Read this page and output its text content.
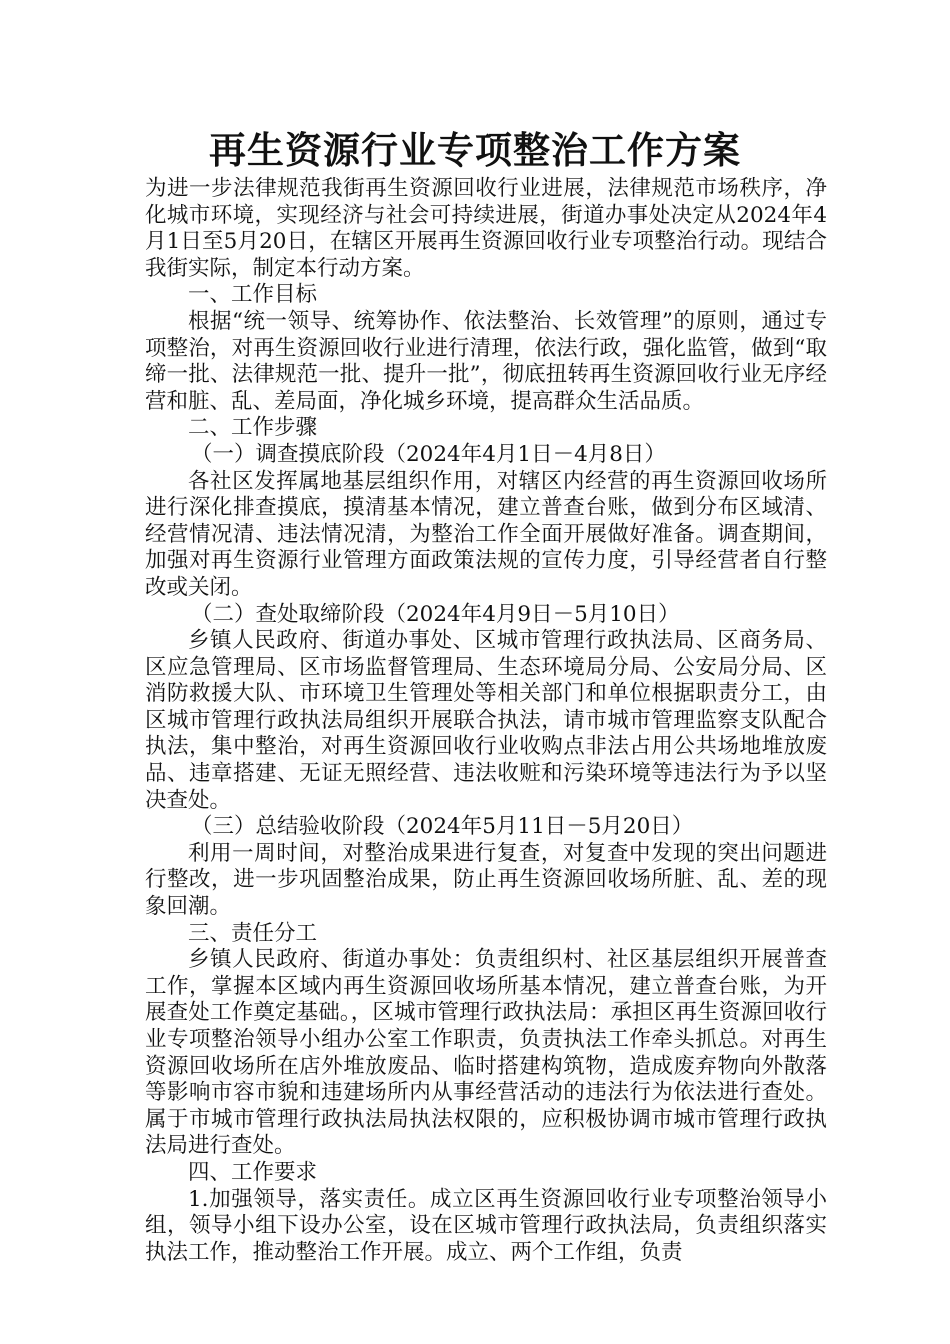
再生资源行业专项整治工作方案

为进一步法律规范我街再生资源回收行业进展，法律规范市场秩序，净化城市环境，实现经济与社会可持续进展，街道办事处决定从2024年4月1日至5月20日，在辖区开展再生资源回收行业专项整治行动。现结合我街实际，制定本行动方案。

一、工作目标

根据“统一领导、统筹协作、依法整治、长效管理”的原则，通过专项整治，对再生资源回收行业进行清理，依法行政，强化监管，做到“取缔一批、法律规范一批、提升一批”，彻底扭转再生资源回收行业无序经营和脏、乱、差局面，净化城乡环境，提高群众生活品质。

二、工作步骤

（一）调查摸底阶段（2024年4月1日－4月8日）

各社区发挥属地基层组织作用，对辖区内经营的再生资源回收场所进行深化排查摸底，摸清基本情况，建立普查台账，做到分布区域清、经营情况清、违法情况清，为整治工作全面开展做好准备。调查期间，加强对再生资源行业管理方面政策法规的宣传力度，引导经营者自行整改或关闭。

（二）查处取缔阶段（2024年4月9日－5月10日）

乡镇人民政府、街道办事处、区城市管理行政执法局、区商务局、区应急管理局、区市场监督管理局、生态环境局分局、公安局分局、区消防救援大队、市环境卫生管理处等相关部门和单位根据职责分工，由区城市管理行政执法局组织开展联合执法，请市城市管理监察支队配合执法，集中整治，对再生资源回收行业收购点非法占用公共场地堆放废品、违章搭建、无证无照经营、违法收赃和污染环境等违法行为予以坚决查处。

（三）总结验收阶段（2024年5月11日－5月20日）

利用一周时间，对整治成果进行复查，对复查中发现的突出问题进行整改，进一步巩固整治成果，防止再生资源回收场所脏、乱、差的现象回潮。

三、责任分工

乡镇人民政府、街道办事处：负责组织村、社区基层组织开展普查工作，掌握本区域内再生资源回收场所基本情况，建立普查台账，为开展查处工作奠定基础。，区城市管理行政执法局：承担区再生资源回收行业专项整治领导小组办公室工作职责，负责执法工作牵头抓总。对再生资源回收场所在店外堆放废品、临时搭建构筑物，造成废弃物向外散落等影响市容市貌和违建场所内从事经营活动的违法行为依法进行查处。属于市城市管理行政执法局执法权限的，应积极协调市城市管理行政执法局进行查处。

四、工作要求

1.加强领导，落实责任。成立区再生资源回收行业专项整治领导小组，领导小组下设办公室，设在区城市管理行政执法局，负责组织落实执法工作，推动整治工作开展。成立、两个工作组，负责
